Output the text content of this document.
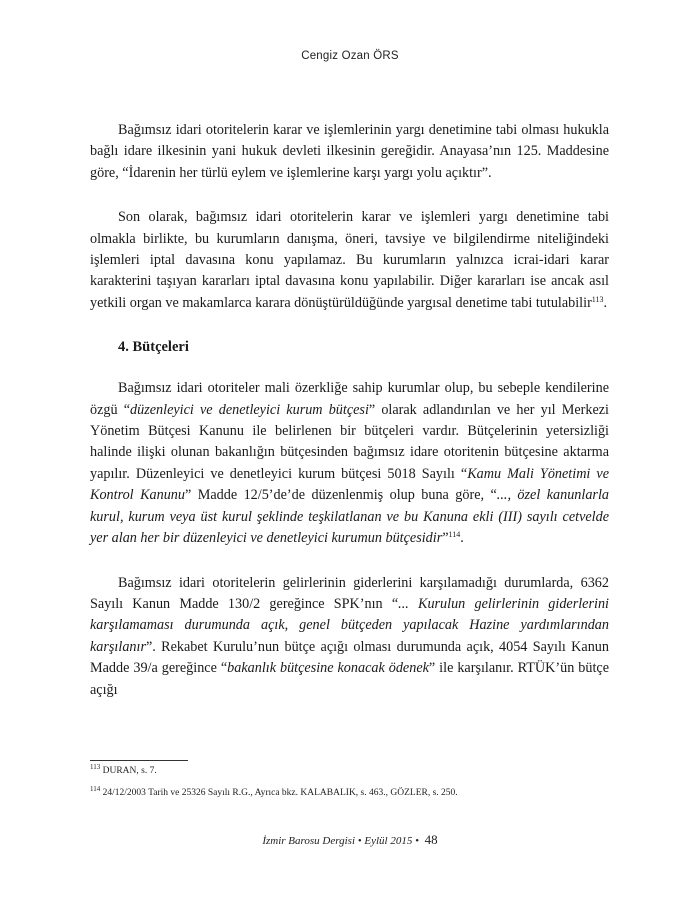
Cengiz Ozan ÖRS

Bağımsız idari otoritelerin karar ve işlemlerinin yargı denetimine tabi olması hukukla bağlı idare ilkesinin yani hukuk devleti ilkesinin gereğidir. Anayasa’nın 125. Maddesine göre, “İdarenin her türlü eylem ve işlemlerine karşı yargı yolu açıktır”.

Son olarak, bağımsız idari otoritelerin karar ve işlemleri yargı denetimine tabi olmakla birlikte, bu kurumların danışma, öneri, tavsiye ve bilgilendirme niteliğindeki işlemleri iptal davasına konu yapılamaz. Bu kurumların yalnızca icrai-idari karar karakterini taşıyan kararları iptal davasına konu yapılabilir. Diğer kararları ise ancak asıl yetkili organ ve makamlarca karara dönüştürüldüğünde yargısal denetime tabi tutulabilir$^{113}$.

4. Bütçeleri

Bağımsız idari otoriteler mali özerkliğe sahip kurumlar olup, bu sebeple kendilerine özgü “düzenleyici ve denetleyici kurum bütçesi” olarak adlandırılan ve her yıl Merkezi Yönetim Bütçesi Kanunu ile belirlenen bir bütçeleri vardır. Bütçelerinin yetersizliği halinde ilişki olunan bakanlığın bütçesinden bağımsız idare otoritenin bütçesine aktarma yapılır. Düzenleyici ve denetleyici kurum bütçesi 5018 Sayılı “Kamu Mali Yönetimi ve Kontrol Kanunu” Madde 12/5’de’de düzenlenmiş olup buna göre, “..., özel kanunlarla kurul, kurum veya üst kurul şeklinde teşkilatlanan ve bu Kanuna ekli (III) sayılı cetvelde yer alan her bir düzenleyici ve denetleyici kurumun bütçesidir”$^{114}$.

Bağımsız idari otoritelerin gelirlerinin giderlerini karşılamadığı durumlarda, 6362 Sayılı Kanun Madde 130/2 gereğince SPK’nın “... Kurulun gelirlerinin giderlerini karşılamaması durumunda açık, genel bütçeden yapılacak Hazine yardımlarından karşılanır”. Rekabet Kurulu’nun bütçe açığı olması durumunda açık, 4054 Sayılı Kanun Madde 39/a gereğince “bakanlık bütçesine konacak ödenek” ile karşılanır. RTÜK’ün bütçe açığı

$^{113}$ DURAN, s. 7.
$^{114}$ 24/12/2003 Tarih ve 25326 Sayılı R.G., Ayrıca bkz. KALABALIK, s. 463., GÖZLER, s. 250.
İzmir Barosu Dergisi • Eylül 2015 • 48
